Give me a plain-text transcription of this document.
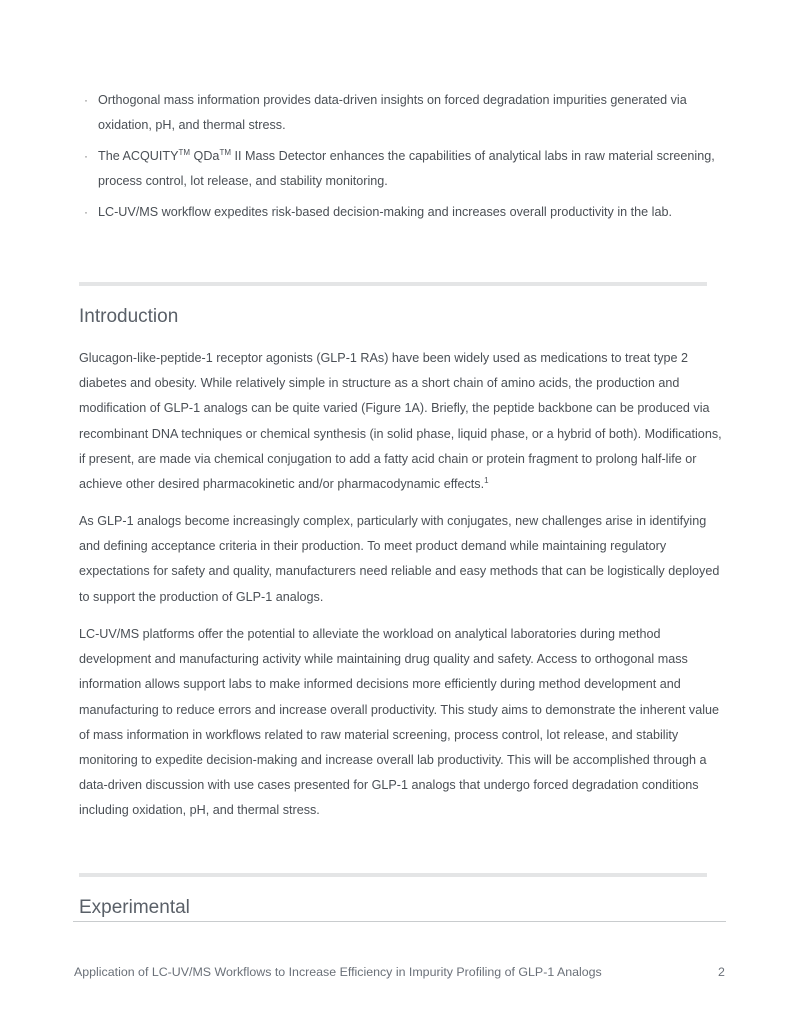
· Orthogonal mass information provides data-driven insights on forced degradation impurities generated via oxidation, pH, and thermal stress.
· The ACQUITY™ QDa™ II Mass Detector enhances the capabilities of analytical labs in raw material screening, process control, lot release, and stability monitoring.
· LC-UV/MS workflow expedites risk-based decision-making and increases overall productivity in the lab.
Introduction

Glucagon-like-peptide-1 receptor agonists (GLP-1 RAs) have been widely used as medications to treat type 2 diabetes and obesity. While relatively simple in structure as a short chain of amino acids, the production and modification of GLP-1 analogs can be quite varied (Figure 1A). Briefly, the peptide backbone can be produced via recombinant DNA techniques or chemical synthesis (in solid phase, liquid phase, or a hybrid of both). Modifications, if present, are made via chemical conjugation to add a fatty acid chain or protein fragment to prolong half-life or achieve other desired pharmacokinetic and/or pharmacodynamic effects.$^1$

As GLP-1 analogs become increasingly complex, particularly with conjugates, new challenges arise in identifying and defining acceptance criteria in their production. To meet product demand while maintaining regulatory expectations for safety and quality, manufacturers need reliable and easy methods that can be logistically deployed to support the production of GLP-1 analogs.

LC-UV/MS platforms offer the potential to alleviate the workload on analytical laboratories during method development and manufacturing activity while maintaining drug quality and safety. Access to orthogonal mass information allows support labs to make informed decisions more efficiently during method development and manufacturing to reduce errors and increase overall productivity. This study aims to demonstrate the inherent value of mass information in workflows related to raw material screening, process control, lot release, and stability monitoring to expedite decision-making and increase overall lab productivity. This will be accomplished through a data-driven discussion with use cases presented for GLP-1 analogs that undergo forced degradation conditions including oxidation, pH, and thermal stress.

Experimental
Application of LC-UV/MS Workflows to Increase Efficiency in Impurity Profiling of GLP-1 Analogs	2
